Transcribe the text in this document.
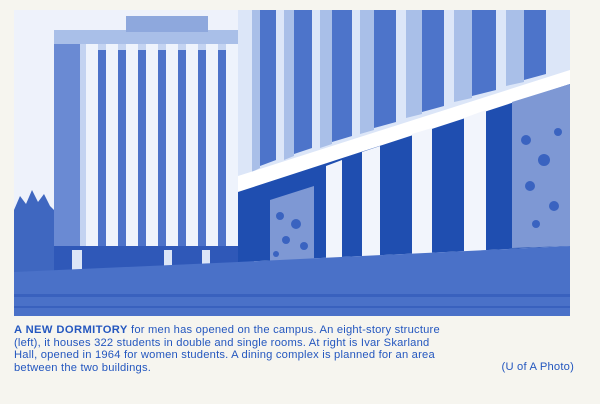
A NEW DORMITORY for men has opened on the campus. An eight-story structure
(left), it houses 322 students in double and single rooms. At right is Ivar Skarland
Hall, opened in 1964 for women students. A dining complex is planned for an area
between the two buildings.	(U of A Photo)
